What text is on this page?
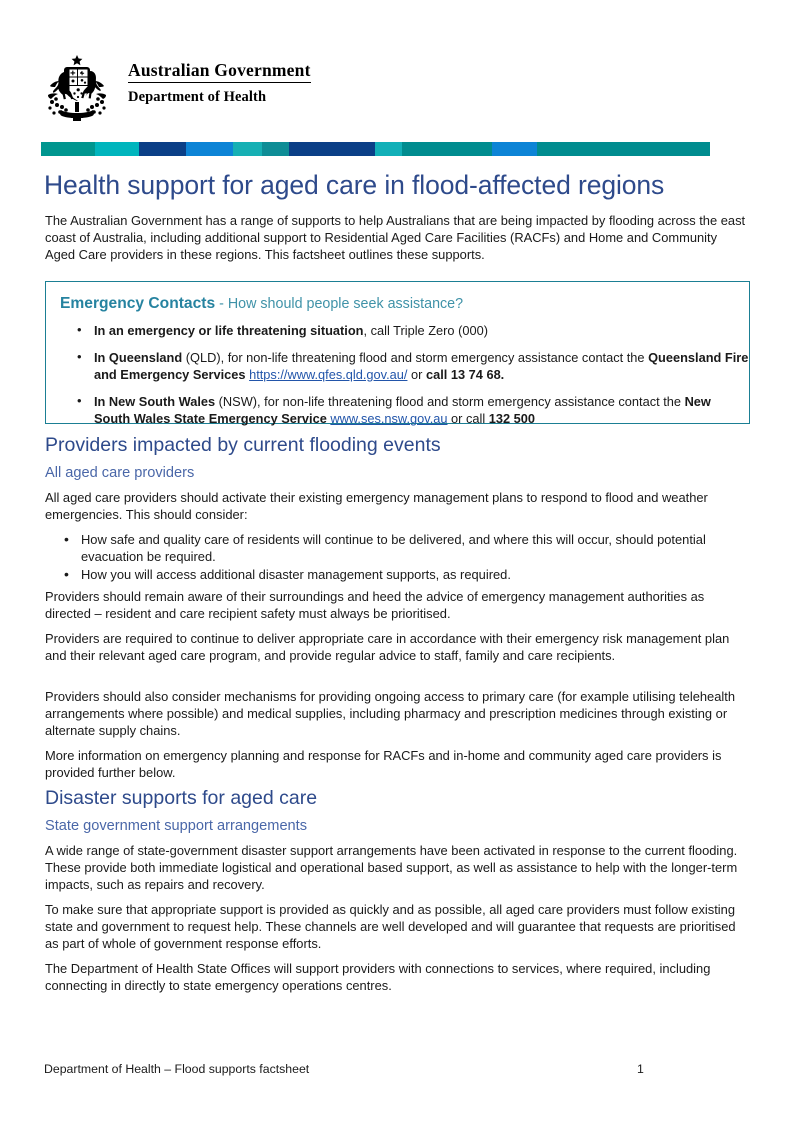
Australian Government
Department of Health
Health support for aged care in flood-affected regions
The Australian Government has a range of supports to help Australians that are being impacted by flooding across the east coast of Australia, including additional support to Residential Aged Care Facilities (RACFs) and Home and Community Aged Care providers in these regions. This factsheet outlines these supports.
Emergency Contacts - How should people seek assistance?
• In an emergency or life threatening situation, call Triple Zero (000)
• In Queensland (QLD), for non-life threatening flood and storm emergency assistance contact the Queensland Fire and Emergency Services https://www.qfes.qld.gov.au/ or call 13 74 68.
• In New South Wales (NSW), for non-life threatening flood and storm emergency assistance contact the New South Wales State Emergency Service www.ses.nsw.gov.au or call 132 500
Providers impacted by current flooding events
All aged care providers
All aged care providers should activate their existing emergency management plans to respond to flood and weather emergencies. This should consider:
• How safe and quality care of residents will continue to be delivered, and where this will occur, should potential evacuation be required.
• How you will access additional disaster management supports, as required.
Providers should remain aware of their surroundings and heed the advice of emergency management authorities as directed – resident and care recipient safety must always be prioritised.
Providers are required to continue to deliver appropriate care in accordance with their emergency risk management plan and their relevant aged care program, and provide regular advice to staff, family and care recipients.
Providers should also consider mechanisms for providing ongoing access to primary care (for example utilising telehealth arrangements where possible) and medical supplies, including pharmacy and prescription medicines through existing or alternate supply chains.
More information on emergency planning and response for RACFs and in-home and community aged care providers is provided further below.
Disaster supports for aged care
State government support arrangements
A wide range of state-government disaster support arrangements have been activated in response to the current flooding. These provide both immediate logistical and operational based support, as well as assistance to help with the longer-term impacts, such as repairs and recovery.
To make sure that appropriate support is provided as quickly and as possible, all aged care providers must follow existing state and government to request help. These channels are well developed and will guarantee that requests are prioritised as part of whole of government response efforts.
The Department of Health State Offices will support providers with connections to services, where required, including connecting in directly to state emergency operations centres.
Department of Health – Flood supports factsheet	1
